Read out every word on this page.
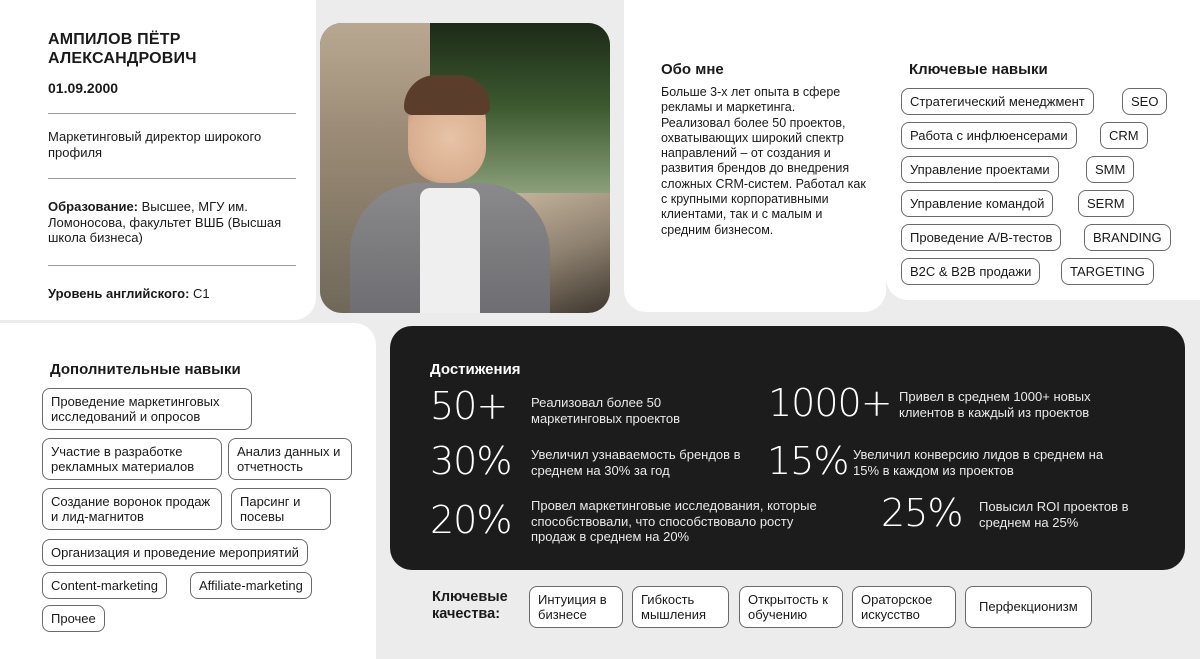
АМПИЛОВ ПЁТР
АЛЕКСАНДРОВИЧ
01.09.2000
Маркетинговый директор широкого профиля
Образование: Высшее, МГУ им. Ломоносова, факультет ВШБ (Высшая школа бизнеса)
Уровень английского: C1
Обо мне
Больше 3-х лет опыта в сфере рекламы и маркетинга. Реализовал более 50 проектов, охватывающих широкий спектр направлений – от создания и развития брендов до внедрения сложных CRM-систем. Работал как с крупными корпоративными клиентами, так и с малым и средним бизнесом.
Ключевые навыки
Стратегический менеджмент	SEO
Работа с инфлюенсерами	CRM
Управление проектами	SMM
Управление командой	SERM
Проведение A/B-тестов	BRANDING
B2C & B2B продажи	TARGETING
Дополнительные навыки
Проведение маркетинговых исследований и опросов
Участие в разработке рекламных материалов
Анализ данных и отчетность
Создание воронок продаж и лид-магнитов
Парсинг и посевы
Организация и проведение мероприятий
Content-marketing	Affiliate-marketing
Прочее
Достижения
50+ Реализовал более 50 маркетинговых проектов	1000+ Привел в среднем 1000+ новых клиентов в каждый из проектов
30% Увеличил узнаваемость брендов в среднем на 30% за год	15% Увеличил конверсию лидов в среднем на 15% в каждом из проектов
20% Провел маркетинговые исследования, которые способствовали, что способствовало росту продаж в среднем на 20%
25% Повысил ROI проектов в среднем на 25%
Ключевые качества:
Интуиция в бизнесе
Гибкость мышления
Открытость к обучению
Ораторское искусство
Перфекционизм
